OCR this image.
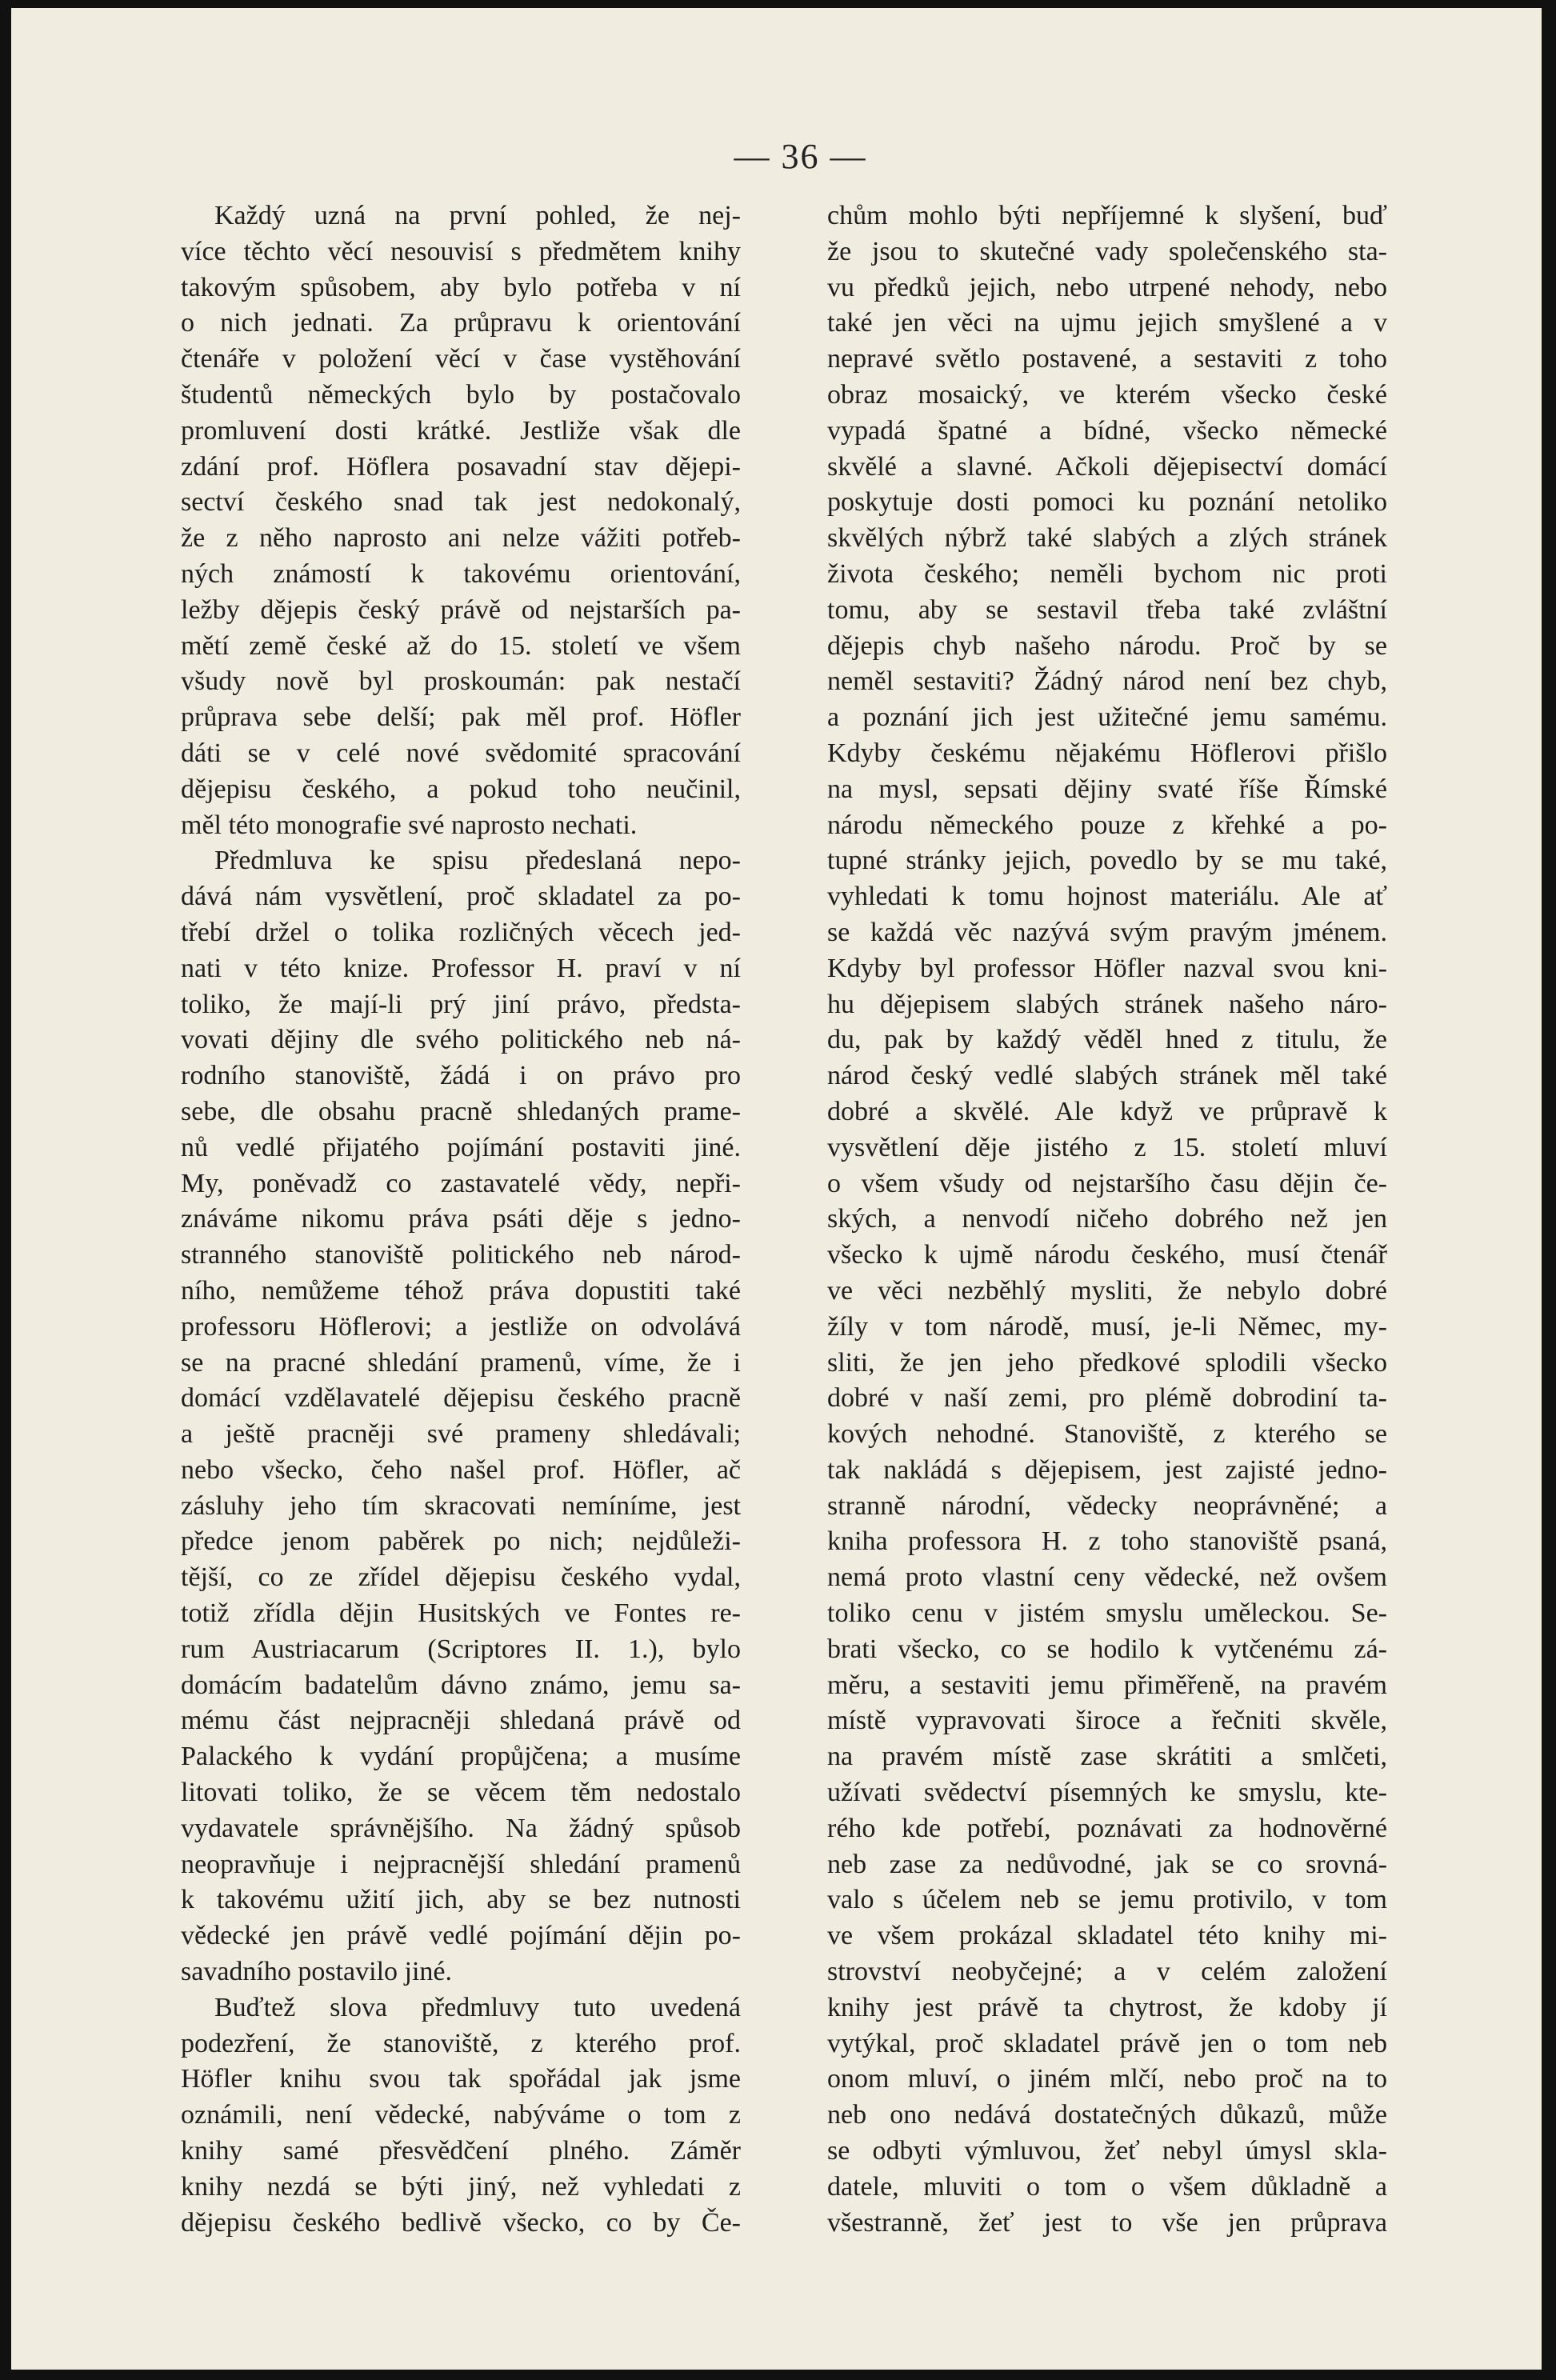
— 36 —
Každý uzná na první pohled, že nej-
více těchto věcí nesouvisí s předmětem knihy
takovým spůsobem, aby bylo potřeba v ní
o nich jednati. Za průpravu k orientování
čtenáře v položení věcí v čase vystěhování
študentů německých bylo by postačovalo
promluvení dosti krátké. Jestliže však dle
zdání prof. Höflera posavadní stav dějepi-
sectví českého snad tak jest nedokonalý,
že z něho naprosto ani nelze vážiti potřeb-
ných známostí k takovému orientování,
ležby dějepis český právě od nejstarších pa-
mětí země české až do 15. století ve všem
všudy nově byl proskoumán: pak nestačí
průprava sebe delší; pak měl prof. Höfler
dáti se v celé nové svědomité spracování
dějepisu českého, a pokud toho neučinil,
měl této monografie své naprosto nechati.
Předmluva ke spisu předeslaná nepo-
dává nám vysvětlení, proč skladatel za po-
třebí držel o tolika rozličných věcech jed-
nati v této knize. Professor H. praví v ní
toliko, že mají-li prý jiní právo, předsta-
vovati dějiny dle svého politického neb ná-
rodního stanoviště, žádá i on právo pro
sebe, dle obsahu pracně shledaných prame-
nů vedlé přijatého pojímání postaviti jiné.
My, poněvadž co zastavatelé vědy, nepři-
znáváme nikomu práva psáti děje s jedno-
stranného stanoviště politického neb národ-
ního, nemůžeme téhož práva dopustiti také
professoru Höflerovi; a jestliže on odvolává
se na pracné shledání pramenů, víme, že i
domácí vzdělavatelé dějepisu českého pracně
a ještě pracněji své prameny shledávali;
nebo všecko, čeho našel prof. Höfler, ač
zásluhy jeho tím skracovati nemíníme, jest
předce jenom paběrek po nich; nejdůleži-
tější, co ze zřídel dějepisu českého vydal,
totiž zřídla dějin Husitských ve Fontes re-
rum Austriacarum (Scriptores II. 1.), bylo
domácím badatelům dávno známo, jemu sa-
mému část nejpracněji shledaná právě od
Palackého k vydání propůjčena; a musíme
litovati toliko, že se věcem těm nedostalo
vydavatele správnějšího. Na žádný spůsob
neopravňuje i nejpracnější shledání pramenů
k takovému užití jich, aby se bez nutnosti
vědecké jen právě vedlé pojímání dějin po-
savadního postavilo jiné.
Buďtež slova předmluvy tuto uvedená
podezření, že stanoviště, z kterého prof.
Höfler knihu svou tak spořádal jak jsme
oznámili, není vědecké, nabýváme o tom z
knihy samé přesvědčení plného. Záměr
knihy nezdá se býti jiný, než vyhledati z
dějepisu českého bedlivě všecko, co by Če-
chům mohlo býti nepříjemné k slyšení, buď
že jsou to skutečné vady společenského sta-
vu předků jejich, nebo utrpené nehody, nebo
také jen věci na ujmu jejich smyšlené a v
nepravé světlo postavené, a sestaviti z toho
obraz mosaický, ve kterém všecko české
vypadá špatné a bídné, všecko německé
skvělé a slavné. Ačkoli dějepisectví domácí
poskytuje dosti pomoci ku poznání netoliko
skvělých nýbrž také slabých a zlých stránek
života českého; neměli bychom nic proti
tomu, aby se sestavil třeba také zvláštní
dějepis chyb našeho národu. Proč by se
neměl sestaviti? Žádný národ není bez chyb,
a poznání jich jest užitečné jemu samému.
Kdyby českému nějakému Höflerovi přišlo
na mysl, sepsati dějiny svaté říše Římské
národu německého pouze z křehké a po-
tupné stránky jejich, povedlo by se mu také,
vyhledati k tomu hojnost materiálu. Ale ať
se každá věc nazývá svým pravým jménem.
Kdyby byl professor Höfler nazval svou kni-
hu dějepisem slabých stránek našeho náro-
du, pak by každý věděl hned z titulu, že
národ český vedlé slabých stránek měl také
dobré a skvělé. Ale když ve průpravě k
vysvětlení děje jistého z 15. století mluví
o všem všudy od nejstaršího času dějin če-
ských, a nenvodí ničeho dobrého než jen
všecko k ujmě národu českého, musí čtenář
ve věci nezběhlý mysliti, že nebylo dobré
žíly v tom národě, musí, je-li Němec, my-
sliti, že jen jeho předkové splodili všecko
dobré v naší zemi, pro plémě dobrodiní ta-
kových nehodné. Stanoviště, z kterého se
tak nakládá s dějepisem, jest zajisté jedno-
stranně národní, vědecky neoprávněné; a
kniha professora H. z toho stanoviště psaná,
nemá proto vlastní ceny vědecké, než ovšem
toliko cenu v jistém smyslu uměleckou. Se-
brati všecko, co se hodilo k vytčenému zá-
měru, a sestaviti jemu přiměřeně, na pravém
místě vypravovati široce a řečniti skvěle,
na pravém místě zase skrátiti a smlčeti,
užívati svědectví písemných ke smyslu, kte-
rého kde potřebí, poznávati za hodnověrné
neb zase za nedůvodné, jak se co srovná-
valo s účelem neb se jemu protivilo, v tom
ve všem prokázal skladatel této knihy mi-
strovství neobyčejné; a v celém založení
knihy jest právě ta chytrost, že kdoby jí
vytýkal, proč skladatel právě jen o tom neb
onom mluví, o jiném mlčí, nebo proč na to
neb ono nedává dostatečných důkazů, může
se odbyti výmluvou, žeť nebyl úmysl skla-
datele, mluviti o tom o všem důkladně a
všestranně, žeť jest to vše jen průprava
